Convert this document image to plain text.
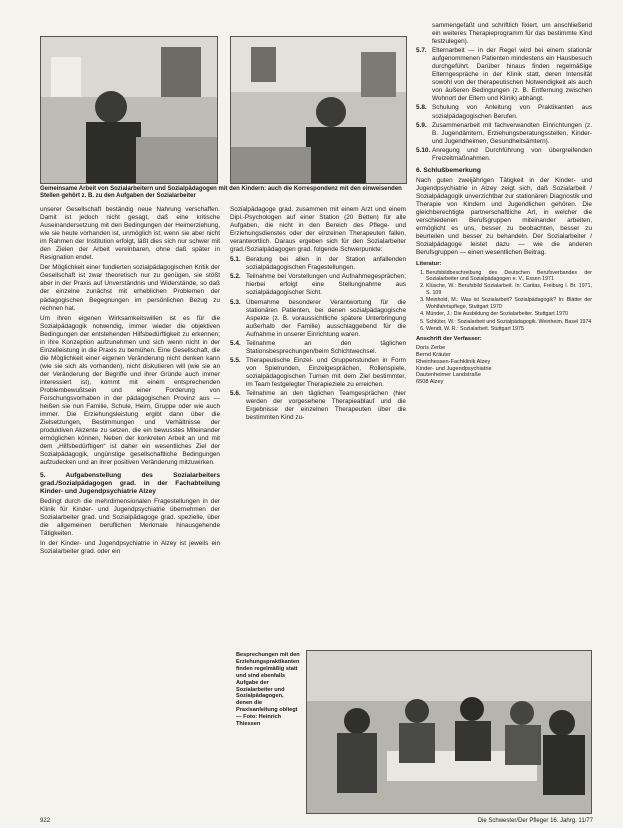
Gemeinsame Arbeit von Sozialarbeitern und Sozialpädagogen mit den Kindern: auch die Korrespondenz mit den einweisenden Stellen gehört z. B. zu den Aufgaben der Sozialarbeiter
Besprechungen mit den Erziehungspraktikanten finden regelmäßig statt und sind ebenfalls Aufgabe der Sozialarbeiter und Sozialpädagogen, denen die Praxisanleitung obliegt — Foto: Heinrich Thiessen

unserer Gesellschaft beständig neue Nahrung verschaffen. Damit ist jedoch nicht gesagt, daß eine kritische Auseinandersetzung mit den Bedingungen der Heimerziehung, wie sie heute vorhanden ist, unmöglich ist; wenn sie aber nicht im Rahmen der Institution erfolgt, läßt dies sich nur schwer mit den Zielen der Arbeit vereinbaren, ohne daß später in Resignation endet.

Der Möglichkeit einer fundierten sozialpädagogischen Kritik der Gesellschaft ist zwar theoretisch nur zu genügen, sie stößt aber in der Praxis auf Unverständnis und Widerstände, so daß der einzelne zunächst mit erheblichen Problemen der pädagogischen Begegnungen im persönlichen Bezug zu rechnen hat.

Um ihren eigenen Wirksamkeitswillen ist es für die Sozialpädagogik notwendig, immer wieder die objektiven Bedingungen der entstehenden Hilfsbedürftigkeit zu erkennen; in ihre Konzeption aufzunehmen und sich wenn nicht in der Einzelleistung in die Praxis zu bemühen. Eine Gesellschaft, die die Möglichkeit einer eigenen Veränderung nicht denken kann (wie sie sich als vorhanden), nicht diskutieren will (wie sie an der Veränderung der Begriffe und ihrer Gründe auch immer interessiert ist), kommt mit einem entsprechenden Problembewußtsein und einer Forderung von Forschungsvorhaben in der pädagogischen Provinz aus — heißen sie nun Familie, Schule, Heim, Gruppe oder wie auch immer. Die Erziehungsleistung ergibt dann über die Zielsetzungen, Bestimmungen und Verhältnisse der produktiven Akzente zu setzen, die ein bewusstes Miteinander ermöglichen können, Neben der konkreten Arbeit an und mit dem „Hilfsbedürftigen“ ist daher ein wesentliches Ziel der Sozialpädagogik, ungünstige gesellschaftliche Bedingungen aufzudecken und an ihrer positiven Veränderung mitzuwirken.

5. Aufgabenstellung des Sozialarbeiters grad./Sozialpädagogen grad. in der Fachabteilung Kinder- und Jugendpsychiatrie Alzey

Bedingt durch die mehrdimensionalen Fragestellungen in der Klinik für Kinder- und Jugendpsychiatrie übernehmen der Sozialarbeiter grad. und Sozialpädagoge grad. spezielle, über die allgemeinen beruflichen Merkmale hinausgehende Tätigkeiten.

In der Kinder- und Jugendpsychiatrie in Alzey ist jeweils ein Sozialarbeiter grad. oder ein

Sozialpädagoge grad. zusammen mit einem Arzt und einem Dipl.-Psychologen auf einer Station (20 Betten) für alle Aufgaben, die nicht in den Bereich des Pflege- und Erziehungsdienstes oder der einzelnen Therapeuten fallen, verantwortlich. Daraus ergeben sich für den Sozialarbeiter grad./Sozialpädagogen grad. folgende Schwerpunkte:

5.1. Beratung bei allen in der Station anfallenden sozialpädagogischen Fragestellungen.
5.2. Teilnahme bei Vorstellungen und Aufnahmegesprächen; hierbei erfolgt eine Stellungnahme aus sozialpädagogischer Sicht.
5.3. Übernahme besonderer Verantwortung für die stationären Patienten, bei denen sozialpädagogische Aspekte (z. B. voraussichtliche spätere Unterbringung außerhalb der Familie) ausschlaggebend für die Aufnahme in unserer Einrichtung waren.
5.4. Teilnahme an den täglichen Stationsbesprechungen/beim Schichtwechsel.
5.5. Therapeutische Einzel- und Gruppenstunden in Form von Spielrunden, Einzelgesprächen, Rollenspiele, sozialpädagogischen Turnen mit dem Ziel bestimmter, im Team festgelegter Therapieziele zu erreichen.
5.6. Teilnahme an den täglichen Teamgesprächen (hier werden der vorgesehene Therapieablauf und die Ergebnisse der einzelnen Therapeuten über die bestimmten Kind zu-
sammengefaßt und schriftlich fixiert, um anschließend ein weiteres Therapieprogramm für das bestimmte Kind festzulegen).
5.7. Elternarbeit — in der Regel wird bei einem stationär aufgenommenen Patienten mindestens ein Hausbesuch durchgeführt. Darüber hinaus finden regelmäßige Elterngespräche in der Klinik statt, deren Intensität sowohl von der therapeutischen Notwendigkeit als auch von äußeren Bedingungen (z. B. Entfernung zwischen Wohnort der Eltern und Klinik) abhängt.
5.8. Schulung von Anleitung von Praktikanten aus sozialpädagogischen Berufen.
5.9. Zusammenarbeit mit fachverwandten Einrichtungen (z. B. Jugendämtern, Erziehungsberatungsstellen, Kinder- und Jugendheimen, Gesundheitsämtern).
5.10. Anregung und Durchführung von übergreifenden Freizeitmaßnahmen.
6. Schlußbemerkung

Nach guten zweijährigen Tätigkeit in der Kinder- und Jugendpsychiatrie in Alzey zeigt sich, daß Sozialarbeit / Sozialpädagogik unverzichtbar zur stationären Diagnostik und Therapie von Kindern und Jugendlichen gehören. Die gleichberechtigte partnerschaftliche Art, in welcher die verschiedenen Berufsgruppen miteinander arbeiten, ermöglicht es uns, besser zu beobachten, besser zu beurteilen und besser zu behandeln. Der Sozialarbeiter / Sozialpädagoge leistet dazu — wie die anderen Berufsgruppen — einen wesentlichen Beitrag.

Literatur:
1. Berufsbildbeschreibung des Deutschen Berufsverbandes der Sozialarbeiter und Sozialpädagogen e. V., Essen 1971
2. Klüsche, W.: Berufsbild Sozialarbeit. In: Caritas, Freiburg i. Br. 1971, S. 109
3. Meinhold, M.: Was ist Sozialarbeit? Sozialpädagogik? In: Blätter der Wohlfahrtspflege, Stuttgart 1970
4. Münder, J.: Die Ausbildung der Sozialarbeiter. Stuttgart 1970
5. Schlüter, W.: Sozialarbeit und Sozialpädagogik. Weinheim, Basel 1974
6. Wendt, W. R.: Sozialarbeit. Stuttgart 1975
Anschrift der Verfasser:
Doris Zerbe
Bernd Kräuter
Rheinhessen-Fachklinik Alzey
Kinder- und Jugendpsychiatrie
Dautenheimer Landstraße
6508 Alzey
922	Die Schwester/Der Pfleger 16. Jahrg. 11/77
